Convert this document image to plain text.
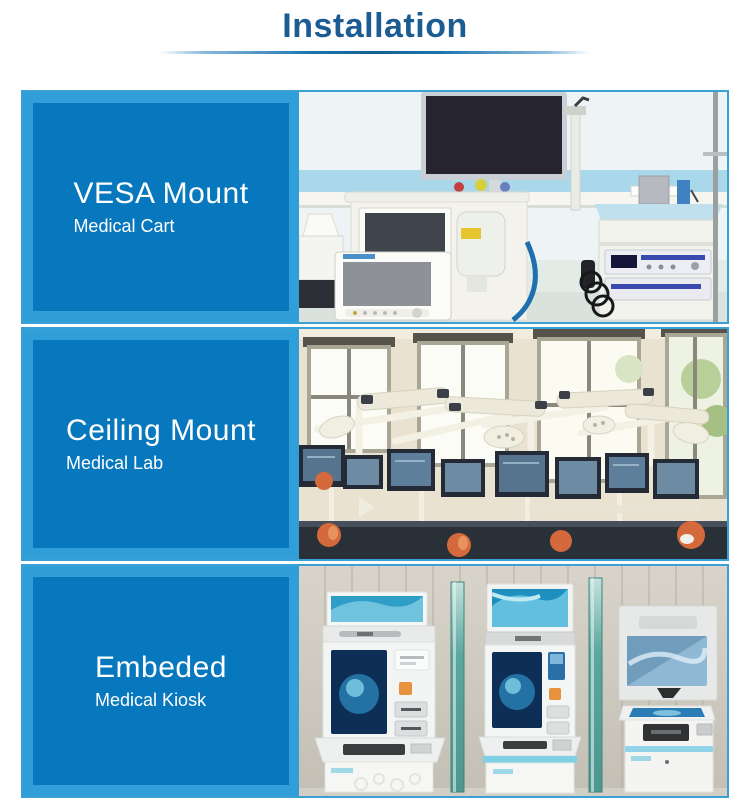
Installation
VESA Mount
Medical Cart
Ceiling Mount
Medical Lab
Embeded
Medical Kiosk
